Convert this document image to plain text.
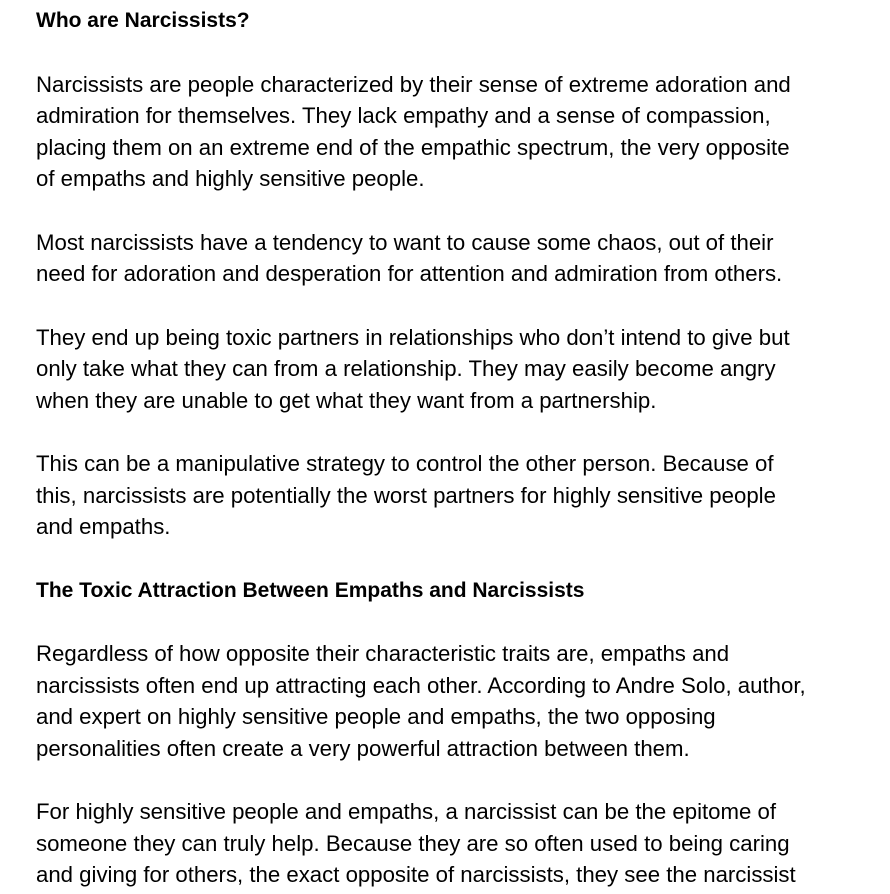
Who are Narcissists?

Narcissists are people characterized by their sense of extreme adoration and
admiration for themselves. They lack empathy and a sense of compassion,
placing them on an extreme end of the empathic spectrum, the very opposite
of empaths and highly sensitive people.

Most narcissists have a tendency to want to cause some chaos, out of their
need for adoration and desperation for attention and admiration from others.

They end up being toxic partners in relationships who don’t intend to give but
only take what they can from a relationship. They may easily become angry
when they are unable to get what they want from a partnership.

This can be a manipulative strategy to control the other person. Because of
this, narcissists are potentially the worst partners for highly sensitive people
and empaths.

The Toxic Attraction Between Empaths and Narcissists

Regardless of how opposite their characteristic traits are, empaths and
narcissists often end up attracting each other. According to Andre Solo, author,
and expert on highly sensitive people and empaths, the two opposing
personalities often create a very powerful attraction between them.

For highly sensitive people and empaths, a narcissist can be the epitome of
someone they can truly help. Because they are so often used to being caring
and giving for others, the exact opposite of narcissists, they see the narcissist
